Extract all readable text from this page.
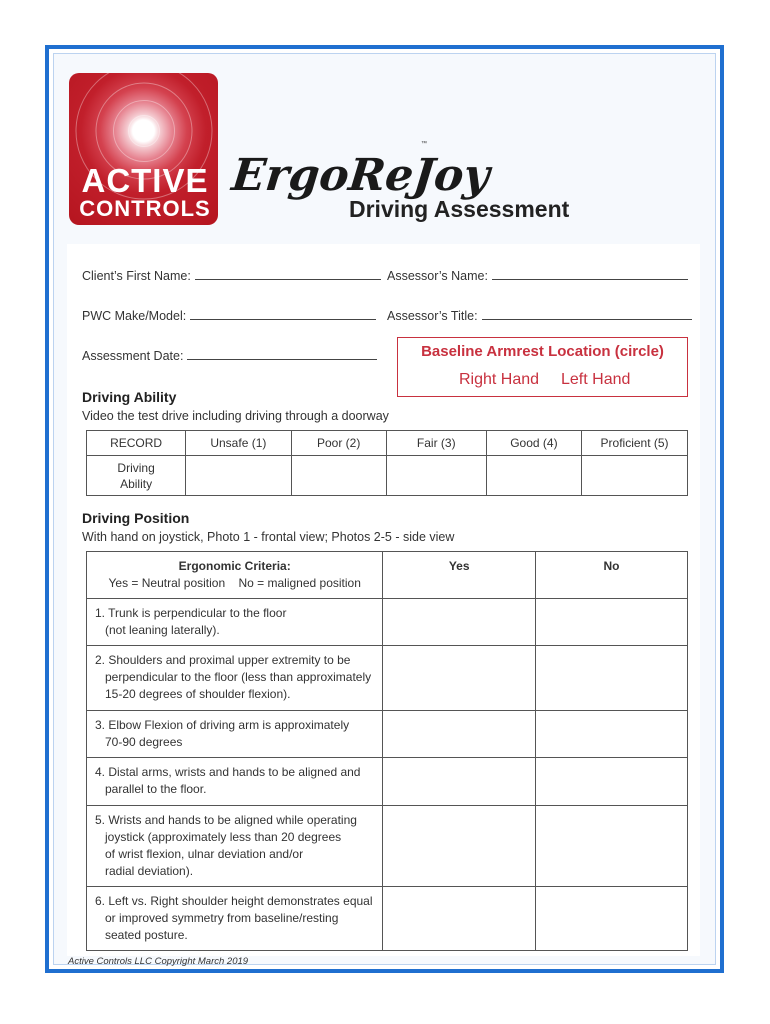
ACTIVE
CONTROLS
ErgoReJoy
™
Driving Assessment
Client’s First Name:	Assessor’s Name:
PWC Make/Model:	Assessor’s Title:
Assessment Date:	Baseline Armrest Location (circle)
Right Hand Left Hand
Driving Ability
Video the test drive including driving through a doorway
RECORD	Unsafe (1)	Poor (2)	Fair (3)	Good (4)	Proficient (5)
Driving
Ability					
Driving Position
With hand on joystick, Photo 1 - frontal view; Photos 2-5 - side view
Ergonomic Criteria:
Yes = Neutral position    No = maligned position	Yes	No
1. Trunk is perpendicular to the floor
(not leaning laterally).		
2. Shoulders and proximal upper extremity to be
perpendicular to the floor (less than approximately
15-20 degrees of shoulder flexion).		
3. Elbow Flexion of driving arm is approximately
70-90 degrees		
4. Distal arms, wrists and hands to be aligned and
parallel to the floor.		
5. Wrists and hands to be aligned while operating
joystick (approximately less than 20 degrees
of wrist flexion, ulnar deviation and/or
radial deviation).		
6. Left vs. Right shoulder height demonstrates equal
or improved symmetry from baseline/resting
seated posture.		
Active Controls LLC Copyright March 2019
